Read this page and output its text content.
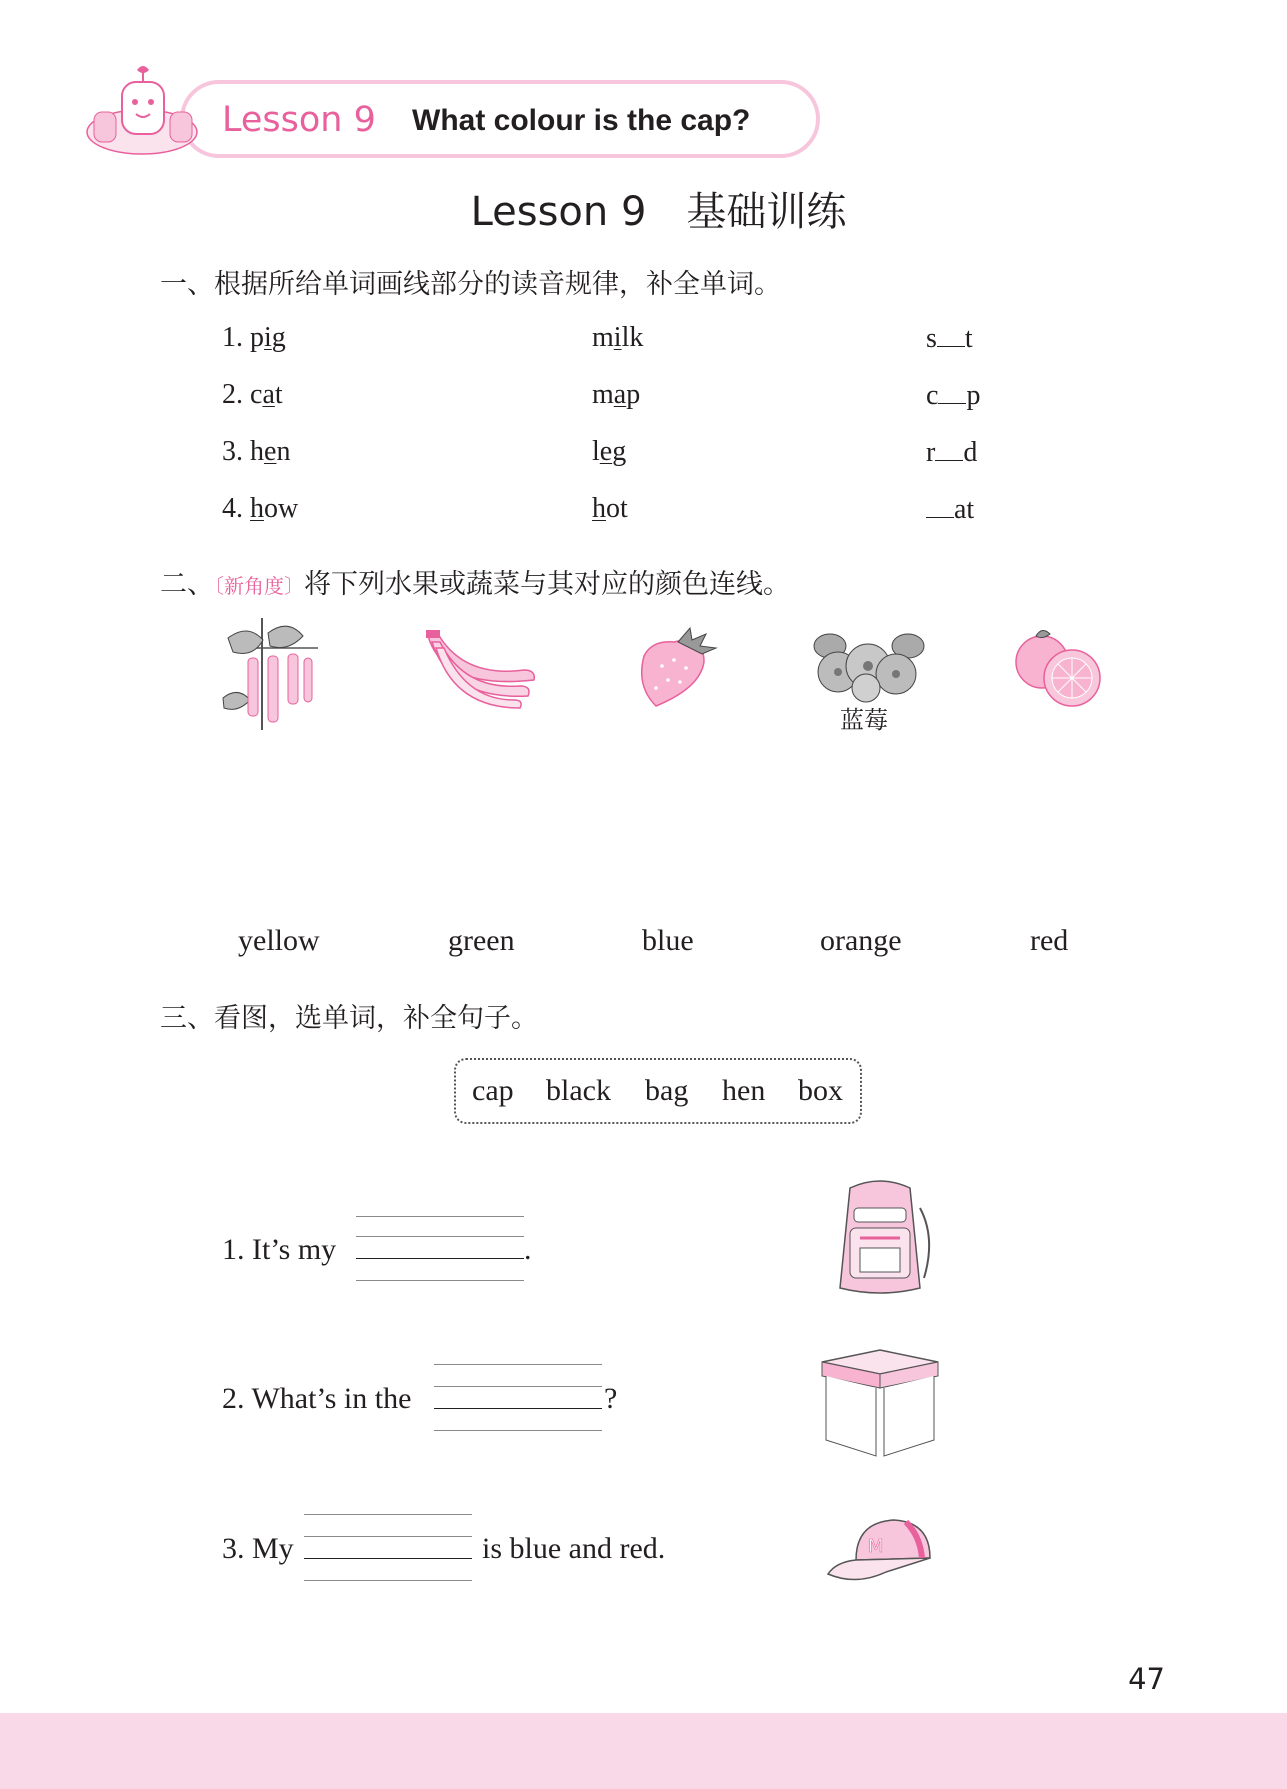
Lesson 9 What colour is the cap?
Lesson 9　基础训练
一、根据所给单词画线部分的读音规律，补全单词。
1. pig	milk	s t
2. cat	map	c p
3. hen	leg	r d
4. how	hot	at
二、〔新角度〕将下列水果或蔬菜与其对应的颜色连线。
蓝莓
yellow	green	blue	orange	red
三、看图，选单词，补全句子。
cap black bag hen box
1. It’s my	.
2. What’s in the	?
3. My	is blue and red.	M
47
